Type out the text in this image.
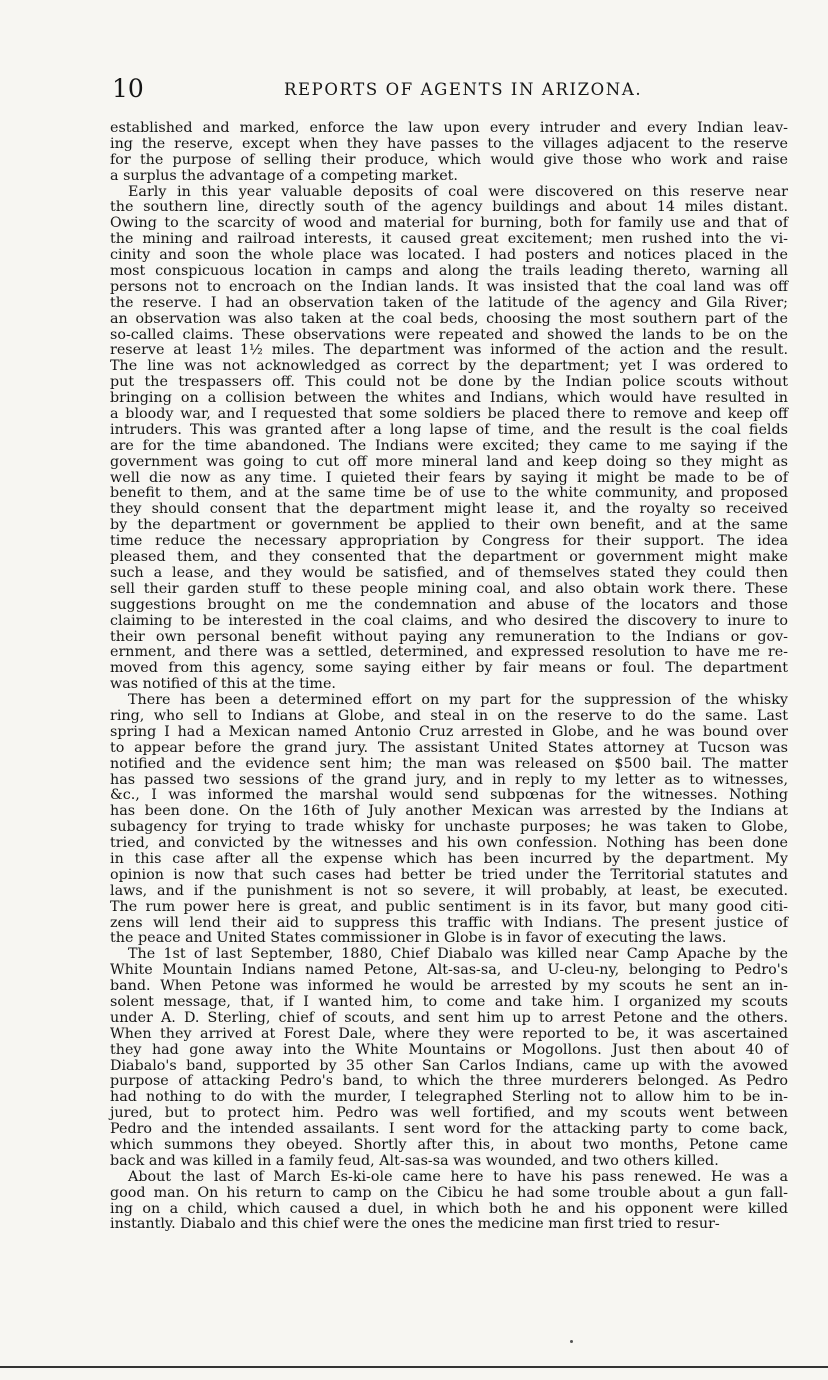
10	REPORTS OF AGENTS IN ARIZONA.
established and marked, enforce the law upon every intruder and every Indian leav-
ing the reserve, except when they have passes to the villages adjacent to the reserve
for the purpose of selling their produce, which would give those who work and raise
a surplus the advantage of a competing market.
Early in this year valuable deposits of coal were discovered on this reserve near
the southern line, directly south of the agency buildings and about 14 miles distant.
Owing to the scarcity of wood and material for burning, both for family use and that of
the mining and railroad interests, it caused great excitement; men rushed into the vi-
cinity and soon the whole place was located. I had posters and notices placed in the
most conspicuous location in camps and along the trails leading thereto, warning all
persons not to encroach on the Indian lands. It was insisted that the coal land was off
the reserve. I had an observation taken of the latitude of the agency and Gila River;
an observation was also taken at the coal beds, choosing the most southern part of the
so-called claims. These observations were repeated and showed the lands to be on the
reserve at least 1½ miles. The department was informed of the action and the result.
The line was not acknowledged as correct by the department; yet I was ordered to
put the trespassers off. This could not be done by the Indian police scouts without
bringing on a collision between the whites and Indians, which would have resulted in
a bloody war, and I requested that some soldiers be placed there to remove and keep off
intruders. This was granted after a long lapse of time, and the result is the coal fields
are for the time abandoned. The Indians were excited; they came to me saying if the
government was going to cut off more mineral land and keep doing so they might as
well die now as any time. I quieted their fears by saying it might be made to be of
benefit to them, and at the same time be of use to the white community, and proposed
they should consent that the department might lease it, and the royalty so received
by the department or government be applied to their own benefit, and at the same
time reduce the necessary appropriation by Congress for their support. The idea
pleased them, and they consented that the department or government might make
such a lease, and they would be satisfied, and of themselves stated they could then
sell their garden stuff to these people mining coal, and also obtain work there. These
suggestions brought on me the condemnation and abuse of the locators and those
claiming to be interested in the coal claims, and who desired the discovery to inure to
their own personal benefit without paying any remuneration to the Indians or gov-
ernment, and there was a settled, determined, and expressed resolution to have me re-
moved from this agency, some saying either by fair means or foul. The department
was notified of this at the time.
There has been a determined effort on my part for the suppression of the whisky
ring, who sell to Indians at Globe, and steal in on the reserve to do the same. Last
spring I had a Mexican named Antonio Cruz arrested in Globe, and he was bound over
to appear before the grand jury. The assistant United States attorney at Tucson was
notified and the evidence sent him; the man was released on $500 bail. The matter
has passed two sessions of the grand jury, and in reply to my letter as to witnesses,
&c., I was informed the marshal would send subpœnas for the witnesses. Nothing
has been done. On the 16th of July another Mexican was arrested by the Indians at
subagency for trying to trade whisky for unchaste purposes; he was taken to Globe,
tried, and convicted by the witnesses and his own confession. Nothing has been done
in this case after all the expense which has been incurred by the department. My
opinion is now that such cases had better be tried under the Territorial statutes and
laws, and if the punishment is not so severe, it will probably, at least, be executed.
The rum power here is great, and public sentiment is in its favor, but many good citi-
zens will lend their aid to suppress this traffic with Indians. The present justice of
the peace and United States commissioner in Globe is in favor of executing the laws.
The 1st of last September, 1880, Chief Diabalo was killed near Camp Apache by the
White Mountain Indians named Petone, Alt-sas-sa, and U-cleu-ny, belonging to Pedro's
band. When Petone was informed he would be arrested by my scouts he sent an in-
solent message, that, if I wanted him, to come and take him. I organized my scouts
under A. D. Sterling, chief of scouts, and sent him up to arrest Petone and the others.
When they arrived at Forest Dale, where they were reported to be, it was ascertained
they had gone away into the White Mountains or Mogollons. Just then about 40 of
Diabalo's band, supported by 35 other San Carlos Indians, came up with the avowed
purpose of attacking Pedro's band, to which the three murderers belonged. As Pedro
had nothing to do with the murder, I telegraphed Sterling not to allow him to be in-
jured, but to protect him. Pedro was well fortified, and my scouts went between
Pedro and the intended assailants. I sent word for the attacking party to come back,
which summons they obeyed. Shortly after this, in about two months, Petone came
back and was killed in a family feud, Alt-sas-sa was wounded, and two others killed.
About the last of March Es-ki-ole came here to have his pass renewed. He was a
good man. On his return to camp on the Cibicu he had some trouble about a gun fall-
ing on a child, which caused a duel, in which both he and his opponent were killed
instantly. Diabalo and this chief were the ones the medicine man first tried to resur-
